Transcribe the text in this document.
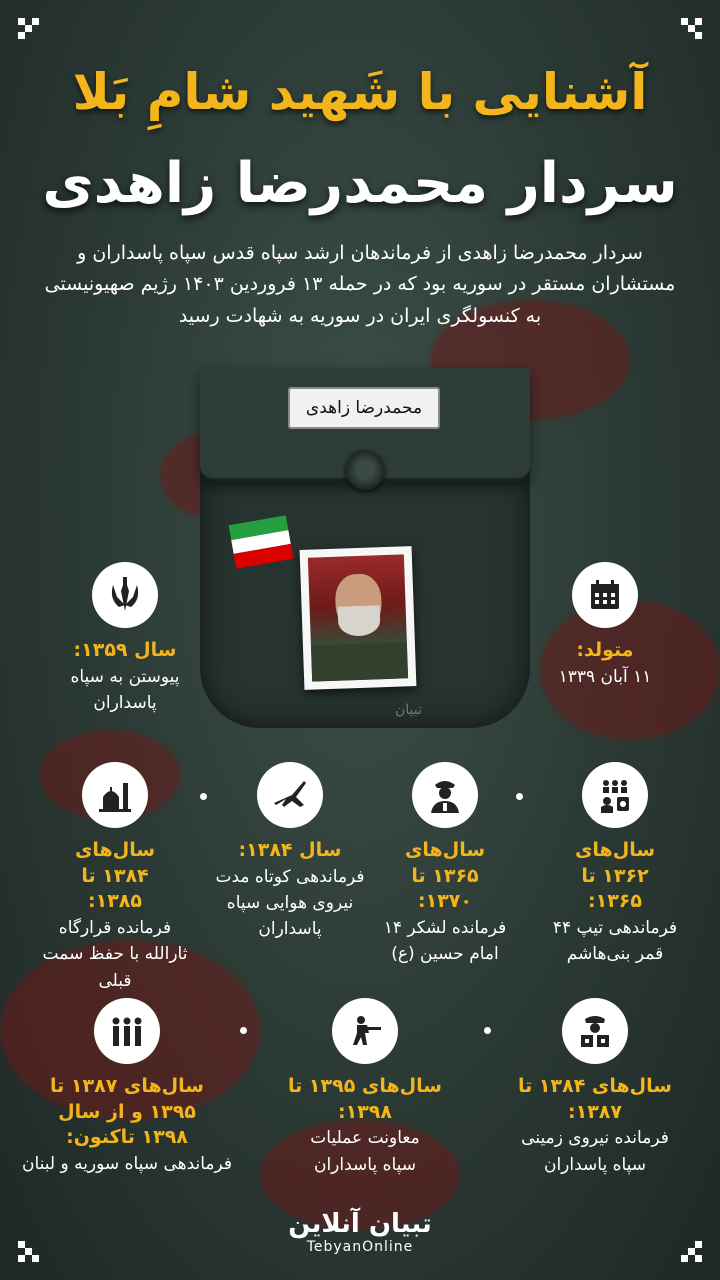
آشنایی با شَهید شامِ بَلا
سردار محمدرضا زاهدی
سردار محمدرضا زاهدی از فرماندهان ارشد سپاه قدس سپاه پاسداران و مستشاران مستقر در سوریه بود که در حمله ۱۳ فروردین ۱۴۰۳ رژیم صهیونیستی به کنسولگری ایران در سوریه به شهادت رسید
محمدرضا زاهدی
تبیان
متولد:
۱۱ آبان ۱۳۳۹
سال ۱۳۵۹:
پیوستن به سپاه پاسداران
سال‌های ۱۳۶۲ تا ۱۳۶۵:
فرماندهی تیپ ۴۴ قمر بنی‌هاشم
سال‌های ۱۳۶۵ تا ۱۳۷۰:
فرمانده لشکر ۱۴ امام حسین (ع)
سال ۱۳۸۴:
فرماندهی کوتاه مدت نیروی هوایی سپاه پاسداران
سال‌های ۱۳۸۴ تا ۱۳۸۵:
فرمانده قرارگاه ثارالله با حفظ سمت قبلی
سال‌های ۱۳۸۴ تا ۱۳۸۷:
فرمانده نیروی زمینی سپاه پاسداران
سال‌های ۱۳۹۵ تا ۱۳۹۸:
معاونت عملیات سپاه پاسداران
سال‌های ۱۳۸۷ تا ۱۳۹۵ و از سال ۱۳۹۸ تاکنون:
فرماندهی سپاه سوریه و لبنان
تبیان آنلاین
TebyanOnline
